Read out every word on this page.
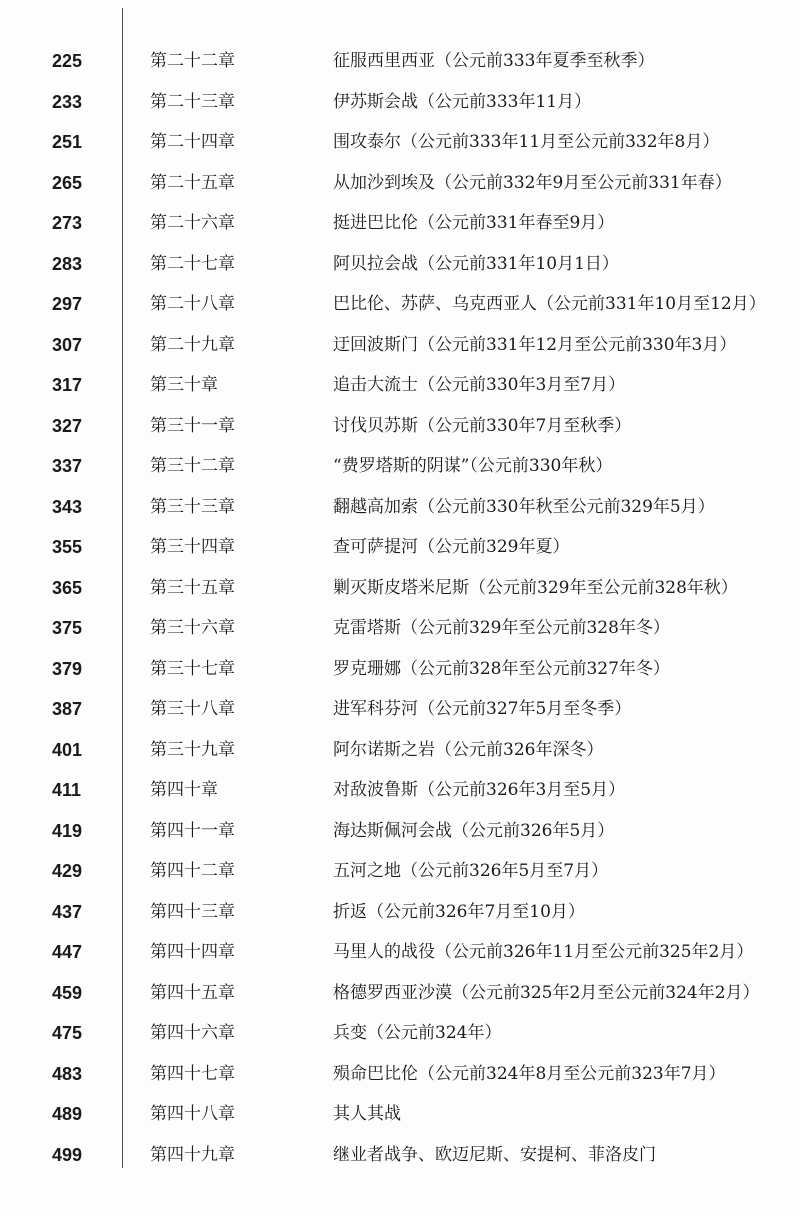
225	第二十二章	征服西里西亚（公元前333年夏季至秋季）
233	第二十三章	伊苏斯会战（公元前333年11月）
251	第二十四章	围攻泰尔（公元前333年11月至公元前332年8月）
265	第二十五章	从加沙到埃及（公元前332年9月至公元前331年春）
273	第二十六章	挺进巴比伦（公元前331年春至9月）
283	第二十七章	阿贝拉会战（公元前331年10月1日）
297	第二十八章	巴比伦、苏萨、乌克西亚人（公元前331年10月至12月）
307	第二十九章	迂回波斯门（公元前331年12月至公元前330年3月）
317	第三十章	追击大流士（公元前330年3月至7月）
327	第三十一章	讨伐贝苏斯（公元前330年7月至秋季）
337	第三十二章	“费罗塔斯的阴谋”（公元前330年秋）
343	第三十三章	翻越高加索（公元前330年秋至公元前329年5月）
355	第三十四章	查可萨提河（公元前329年夏）
365	第三十五章	剿灭斯皮塔米尼斯（公元前329年至公元前328年秋）
375	第三十六章	克雷塔斯（公元前329年至公元前328年冬）
379	第三十七章	罗克珊娜（公元前328年至公元前327年冬）
387	第三十八章	进军科芬河（公元前327年5月至冬季）
401	第三十九章	阿尔诺斯之岩（公元前326年深冬）
411	第四十章	对敌波鲁斯（公元前326年3月至5月）
419	第四十一章	海达斯佩河会战（公元前326年5月）
429	第四十二章	五河之地（公元前326年5月至7月）
437	第四十三章	折返（公元前326年7月至10月）
447	第四十四章	马里人的战役（公元前326年11月至公元前325年2月）
459	第四十五章	格德罗西亚沙漠（公元前325年2月至公元前324年2月）
475	第四十六章	兵变（公元前324年）
483	第四十七章	殒命巴比伦（公元前324年8月至公元前323年7月）
489	第四十八章	其人其战
499	第四十九章	继业者战争、欧迈尼斯、安提柯、菲洛皮门
